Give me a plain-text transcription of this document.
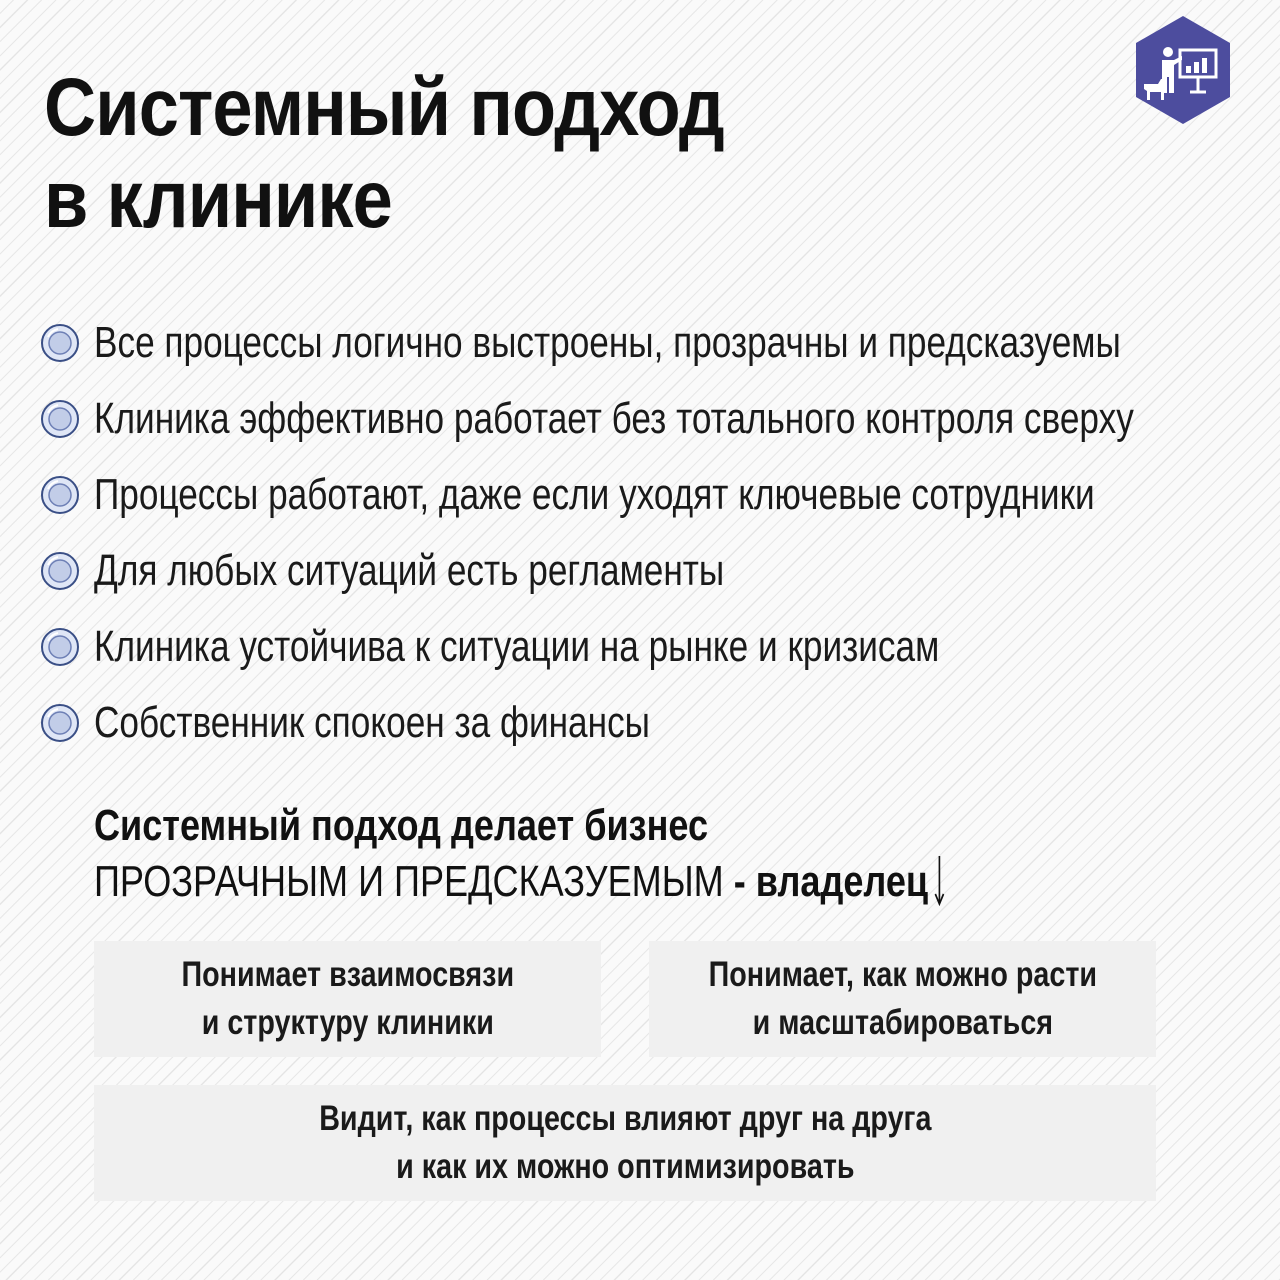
Системный подход
в клинике
Все процессы логично выстроены, прозрачны и предсказуемы
Клиника эффективно работает без тотального контроля сверху
Процессы работают, даже если уходят ключевые сотрудники
Для любых ситуаций есть регламенты
Клиника устойчива к ситуации на рынке и кризисам
Собственник спокоен за финансы
Системный подход делает бизнес
ПРОЗРАЧНЫМ И ПРЕДСКАЗУЕМЫМ - владелец
Понимает взаимосвязи
и структуру клиники
Понимает, как можно расти
и масштабироваться
Видит, как процессы влияют друг на друга
и как их можно оптимизировать
